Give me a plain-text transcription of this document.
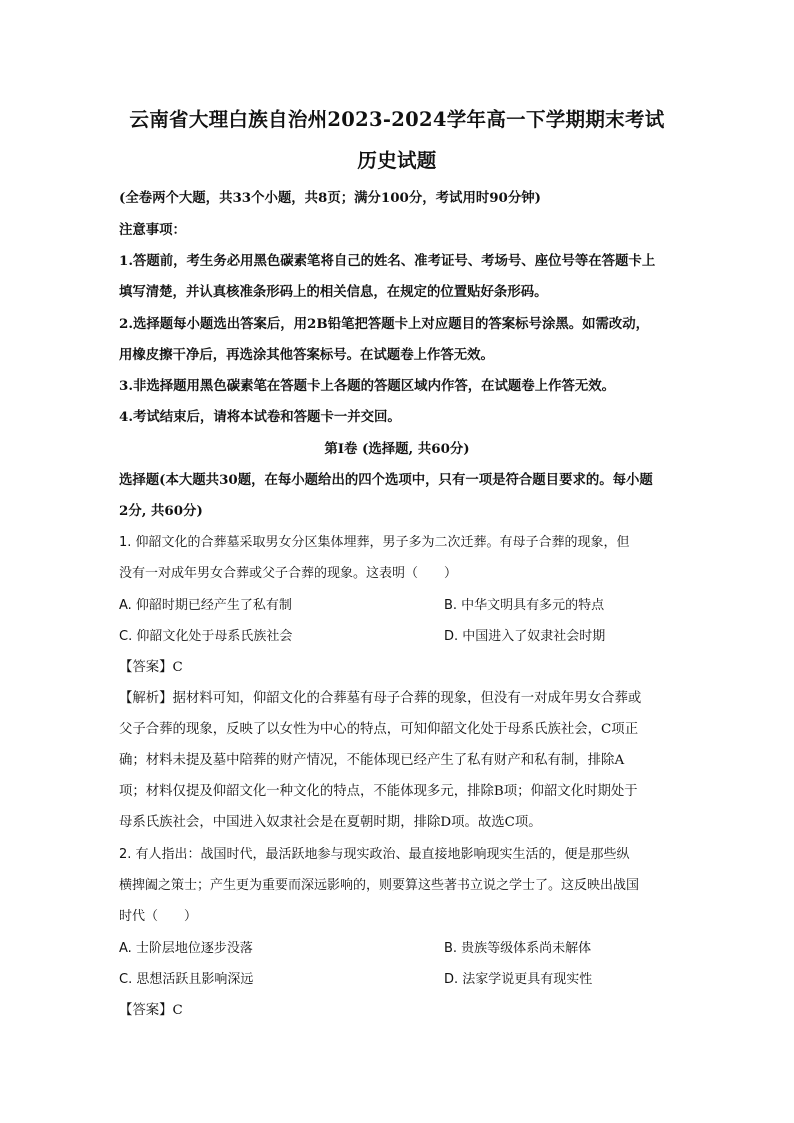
云南省大理白族自治州2023-2024学年高一下学期期末考试
历史试题
(全卷两个大题，共33个小题，共8页；满分100分，考试用时90分钟)
注意事项：
1.答题前，考生务必用黑色碳素笔将自己的姓名、准考证号、考场号、座位号等在答题卡上
填写清楚，并认真核准条形码上的相关信息，在规定的位置贴好条形码。
2.选择题每小题选出答案后，用2B铅笔把答题卡上对应题目的答案标号涂黑。如需改动，
用橡皮擦干净后，再选涂其他答案标号。在试题卷上作答无效。
3.非选择题用黑色碳素笔在答题卡上各题的答题区域内作答，在试题卷上作答无效。
4.考试结束后，请将本试卷和答题卡一并交回。
第Ⅰ卷 (选择题, 共60分)
选择题(本大题共30题，在每小题给出的四个选项中，只有一项是符合题目要求的。每小题
2分, 共60分)
1. 仰韶文化的合葬墓采取男女分区集体埋葬，男子多为二次迁葬。有母子合葬的现象，但
没有一对成年男女合葬或父子合葬的现象。这表明（　　）
A. 仰韶时期已经产生了私有制	B. 中华文明具有多元的特点
C. 仰韶文化处于母系氏族社会	D. 中国进入了奴隶社会时期
【答案】C
【解析】据材料可知，仰韶文化的合葬墓有母子合葬的现象，但没有一对成年男女合葬或
父子合葬的现象，反映了以女性为中心的特点，可知仰韶文化处于母系氏族社会，C项正
确；材料未提及墓中陪葬的财产情况，不能体现已经产生了私有财产和私有制，排除A
项；材料仅提及仰韶文化一种文化的特点，不能体现多元，排除B项；仰韶文化时期处于
母系氏族社会，中国进入奴隶社会是在夏朝时期，排除D项。故选C项。
2. 有人指出：战国时代，最活跃地参与现实政治、最直接地影响现实生活的，便是那些纵
横捭阖之策士；产生更为重要而深远影响的，则要算这些著书立说之学士了。这反映出战国
时代（　　）
A. 士阶层地位逐步没落	B. 贵族等级体系尚未解体
C. 思想活跃且影响深远	D. 法家学说更具有现实性
【答案】C
